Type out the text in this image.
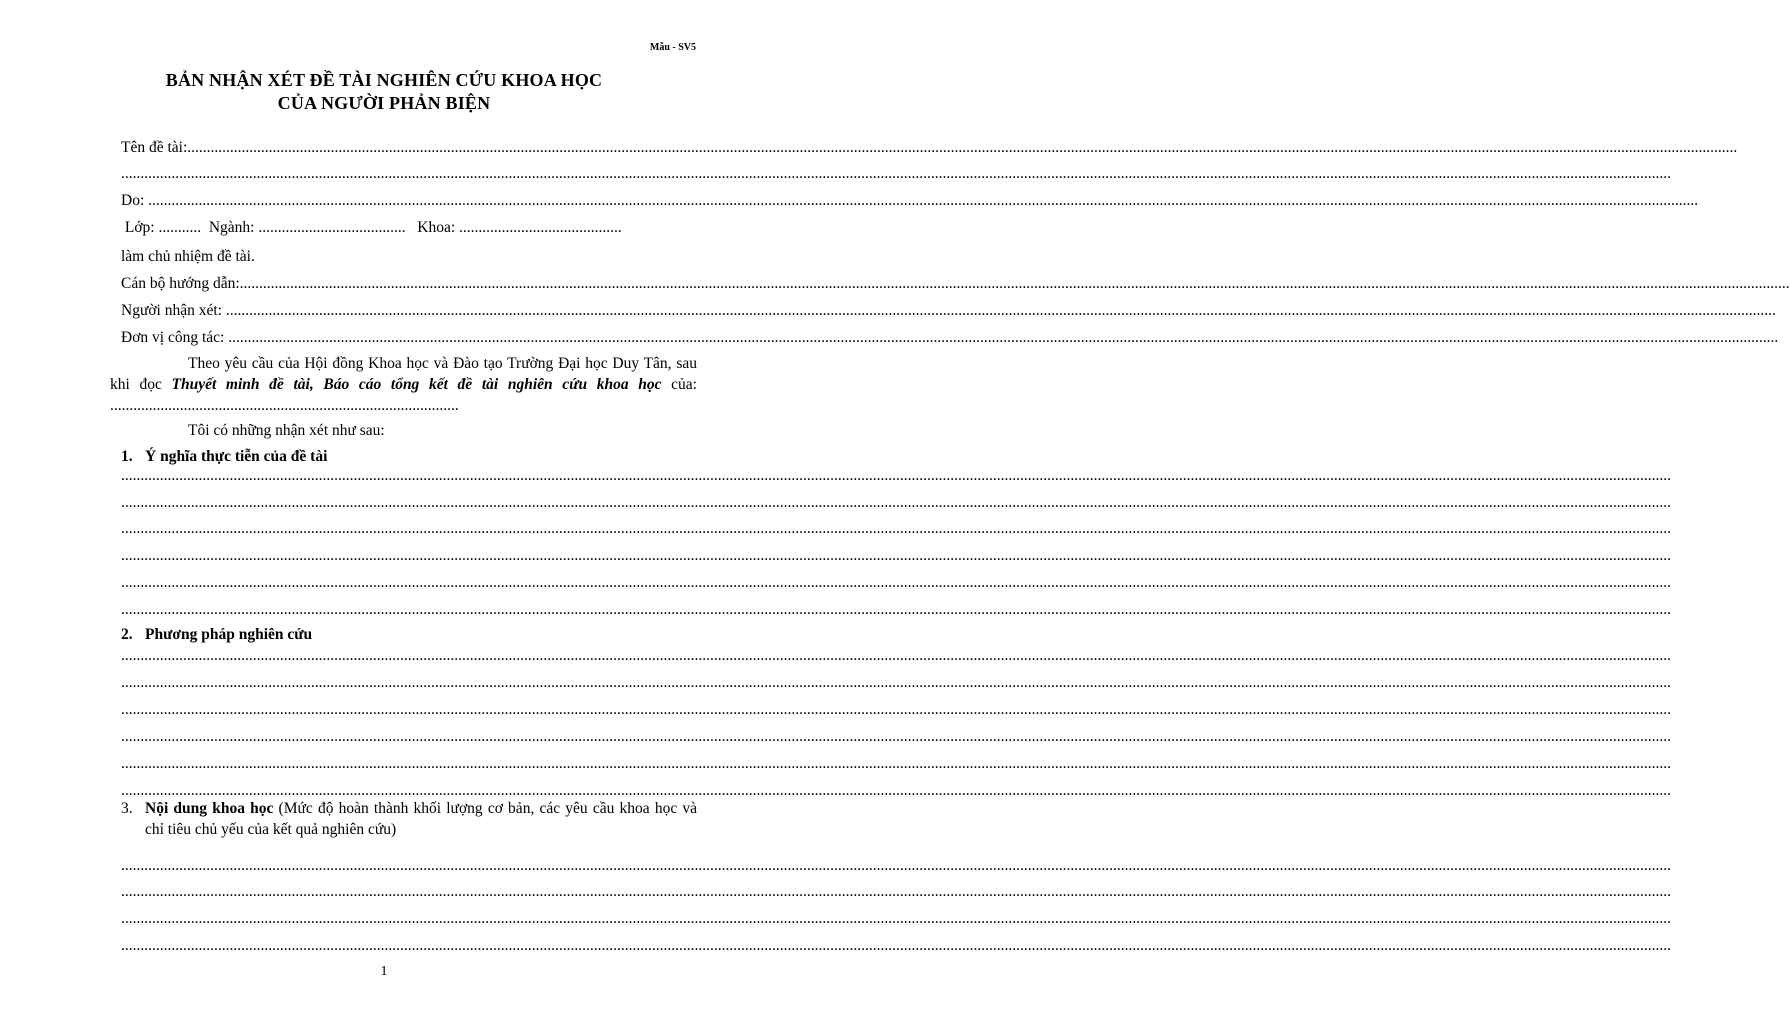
Mẫu - SV5
BẢN NHẬN XÉT ĐỀ TÀI NGHIÊN CỨU KHOA HỌC
CỦA NGƯỜI PHẢN BIỆN
Tên đề tài:................................................................................................................................................................................................................................................................................................................................................................................................................
................................................................................................................................................................................................................................................................................................................................................................................................................
Do: ................................................................................................................................................................................................................................................................................................................................................................................................................
Lớp: ...........  Ngành: ......................................   Khoa: ..........................................
làm chủ nhiệm đề tài.
Cán bộ hướng dẫn:................................................................................................................................................................................................................................................................................................................................................................................................................
Người nhận xét: ................................................................................................................................................................................................................................................................................................................................................................................................................
Đơn vị công tác: ................................................................................................................................................................................................................................................................................................................................................................................................................
Theo yêu cầu của Hội đồng Khoa học và Đào tạo Trường Đại học Duy Tân, sau khi đọc Thuyết minh đề tài, Báo cáo tổng kết đề tài nghiên cứu khoa học của: ..........................................................................................
Tôi có những nhận xét như sau:
1. Ý nghĩa thực tiễn của đề tài
................................................................................................................................................................................................................................................................................................................................................................................................................
................................................................................................................................................................................................................................................................................................................................................................................................................
................................................................................................................................................................................................................................................................................................................................................................................................................
................................................................................................................................................................................................................................................................................................................................................................................................................
................................................................................................................................................................................................................................................................................................................................................................................................................
................................................................................................................................................................................................................................................................................................................................................................................................................
2. Phương pháp nghiên cứu
................................................................................................................................................................................................................................................................................................................................................................................................................
................................................................................................................................................................................................................................................................................................................................................................................................................
................................................................................................................................................................................................................................................................................................................................................................................................................
................................................................................................................................................................................................................................................................................................................................................................................................................
................................................................................................................................................................................................................................................................................................................................................................................................................
................................................................................................................................................................................................................................................................................................................................................................................................................
3. Nội dung khoa học (Mức độ hoàn thành khối lượng cơ bản, các yêu cầu khoa học và chỉ tiêu chủ yếu của kết quả nghiên cứu)
................................................................................................................................................................................................................................................................................................................................................................................................................
................................................................................................................................................................................................................................................................................................................................................................................................................
................................................................................................................................................................................................................................................................................................................................................................................................................
................................................................................................................................................................................................................................................................................................................................................................................................................
1
